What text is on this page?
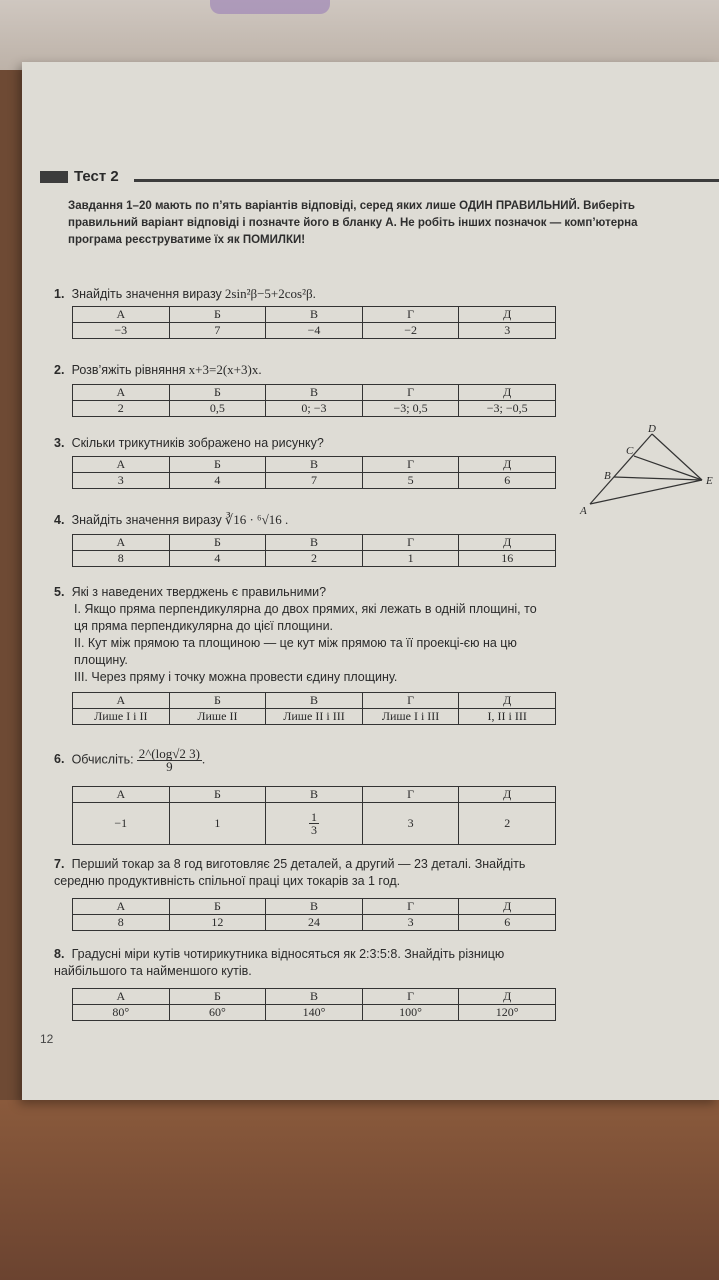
Тест 2
Завдання 1–20 мають по п’ять варіантів відповіді, серед яких лише ОДИН ПРАВИЛЬНИЙ. Виберіть правильний варіант відповіді і позначте його в бланку А. Не робіть інших позначок — комп’ютерна програма реєструватиме їх як ПОМИЛКИ!
1. Знайдіть значення виразу 2sin²β−5+2cos²β.
А	Б	В	Г	Д
−3	7	−4	−2	3
2. Розв’яжіть рівняння x+3=2(x+3)x.
А	Б	В	Г	Д
2	0,5	0; −3	−3; 0,5	−3; −0,5
3. Скільки трикутників зображено на рисунку?
А	Б	В	Г	Д
3	4	7	5	6
A
B
C
D
E
4. Знайдіть значення виразу ∛16 · ⁶√16 .
А	Б	В	Г	Д
8	4	2	1	16
5. Які з наведених тверджень є правильними?
I. Якщо пряма перпендикулярна до двох прямих, які лежать в одній площині, то ця пряма перпендикулярна до цієї площини.
II. Кут між прямою та площиною — це кут між прямою та її проекці-єю на цю площину.
III. Через пряму і точку можна провести єдину площину.
А	Б	В	Г	Д
Лише I і II	Лише II	Лише II і III	Лише I і III	I, II і III
6. Обчисліть: $\frac{2\^{}(\log√2 3)}{9}$ .
А	Б	В	Г	Д
−1	1	$\frac{1}{3}$	3	2
7. Перший токар за 8 год виготовляє 25 деталей, а другий — 23 деталі. Знайдіть середню продуктивність спільної праці цих токарів за 1 год.
А	Б	В	Г	Д
8	12	24	3	6
8. Градусні міри кутів чотирикутника відносяться як 2:3:5:8. Знайдіть різницю найбільшого та найменшого кутів.
А	Б	В	Г	Д
80°	60°	140°	100°	120°
12
